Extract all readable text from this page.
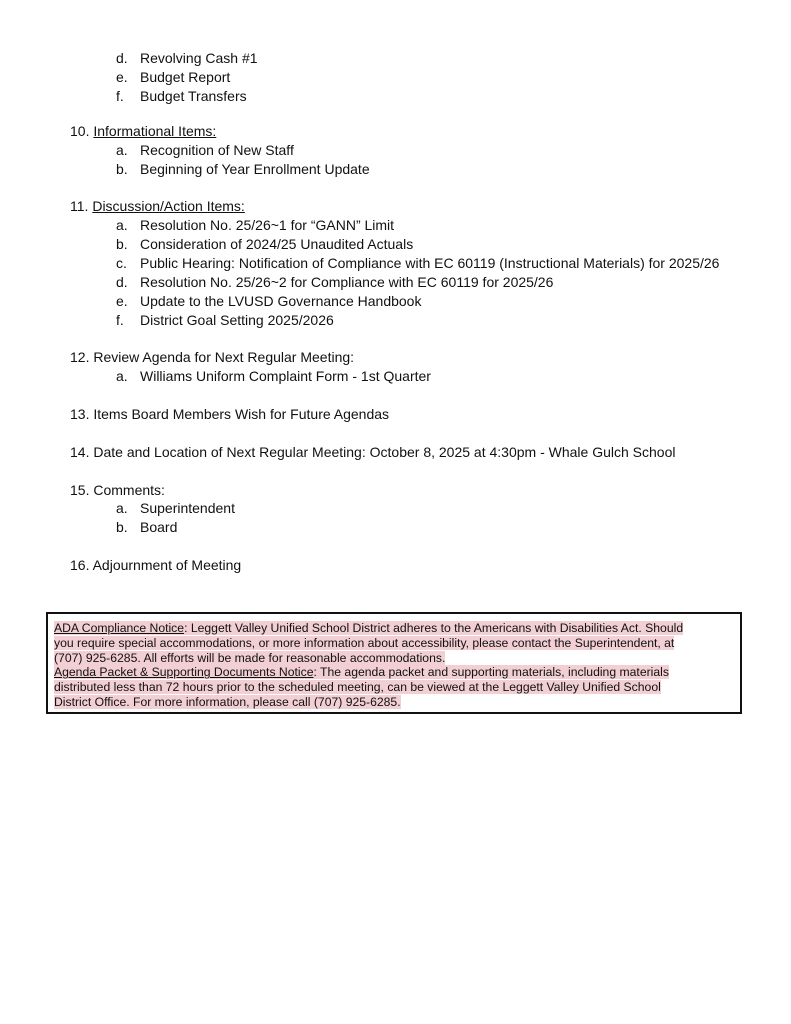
d. Revolving Cash #1
e. Budget Report
f.	Budget Transfers
10. Informational Items:
a. Recognition of New Staff
b. Beginning of Year Enrollment Update
11. Discussion/Action Items:
a. Resolution No. 25/26~1 for “GANN” Limit
b. Consideration of 2024/25 Unaudited Actuals
c. Public Hearing: Notification of Compliance with EC 60119 (Instructional Materials) for 2025/26
d. Resolution No. 25/26~2 for Compliance with EC 60119 for 2025/26
e. Update to the LVUSD Governance Handbook
f.	District Goal Setting 2025/2026
12. Review Agenda for Next Regular Meeting:
a. Williams Uniform Complaint Form - 1st Quarter
13. Items Board Members Wish for Future Agendas
14. Date and Location of Next Regular Meeting: October 8, 2025 at 4:30pm - Whale Gulch School
15. Comments:
a. Superintendent
b. Board
16. Adjournment of Meeting

ADA Compliance Notice: Leggett Valley Unified School District adheres to the Americans with Disabilities Act. Should

you require special accommodations, or more information about accessibility, please contact the Superintendent, at

(707) 925-6285. All efforts will be made for reasonable accommodations.

Agenda Packet & Supporting Documents Notice: The agenda packet and supporting materials, including materials

distributed less than 72 hours prior to the scheduled meeting, can be viewed at the Leggett Valley Unified School

District Office. For more information, please call (707) 925-6285.
